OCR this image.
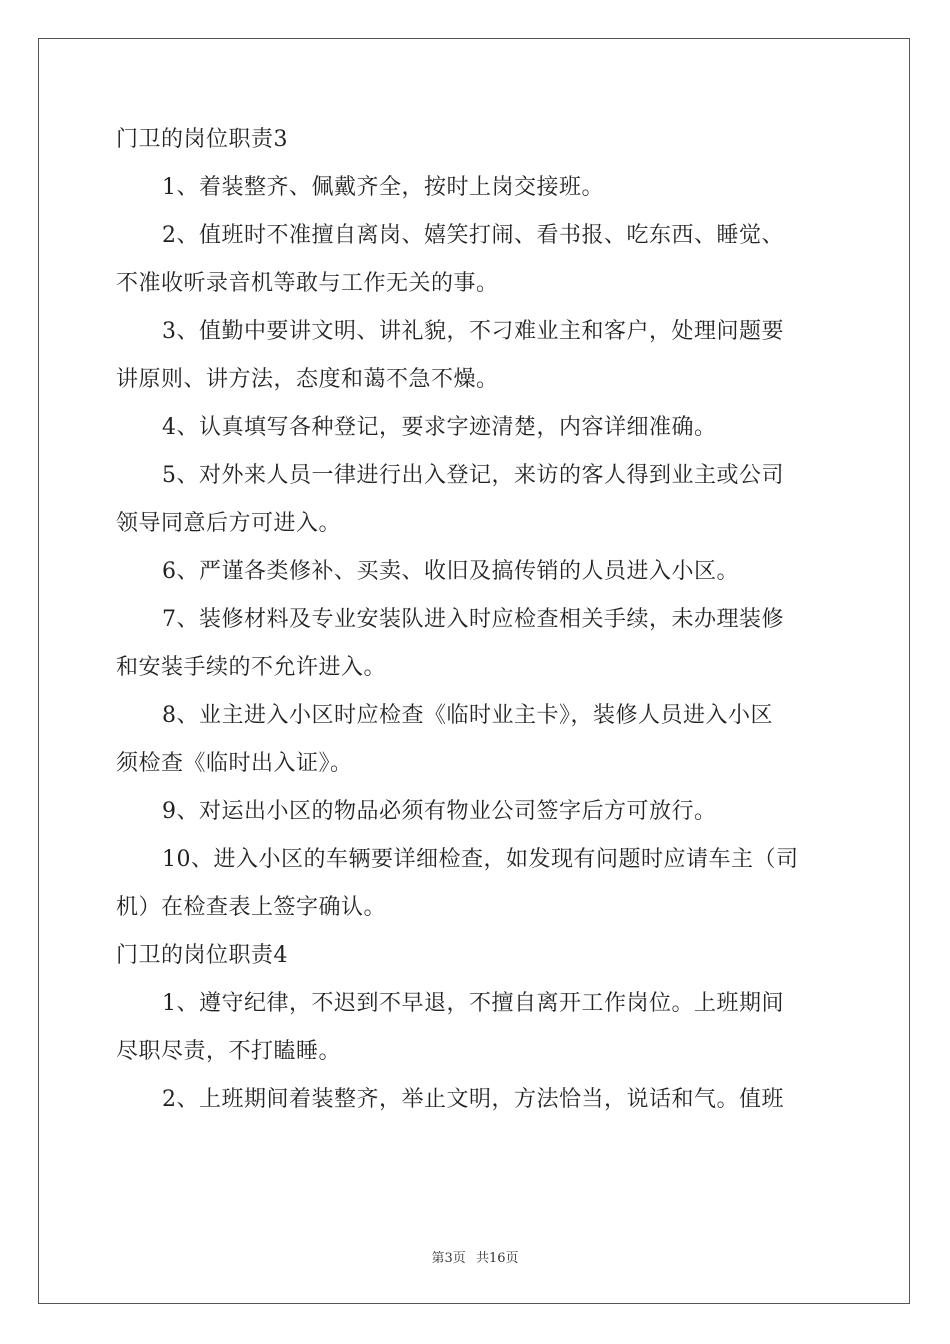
门卫的岗位职责3
1、着装整齐、佩戴齐全，按时上岗交接班。
2、值班时不准擅自离岗、嬉笑打闹、看书报、吃东西、睡觉、
不准收听录音机等敢与工作无关的事。
3、值勤中要讲文明、讲礼貌，不刁难业主和客户，处理问题要
讲原则、讲方法，态度和蔼不急不燥。
4、认真填写各种登记，要求字迹清楚，内容详细准确。
5、对外来人员一律进行出入登记，来访的客人得到业主或公司
领导同意后方可进入。
6、严谨各类修补、买卖、收旧及搞传销的人员进入小区。
7、装修材料及专业安装队进入时应检查相关手续，未办理装修
和安装手续的不允许进入。
8、业主进入小区时应检查《临时业主卡》，装修人员进入小区
须检查《临时出入证》。
9、对运出小区的物品必须有物业公司签字后方可放行。
10、进入小区的车辆要详细检查，如发现有问题时应请车主（司
机）在检查表上签字确认。
门卫的岗位职责4
1、遵守纪律，不迟到不早退，不擅自离开工作岗位。上班期间
尽职尽责，不打瞌睡。
2、上班期间着装整齐，举止文明，方法恰当，说话和气。值班
第3页 共16页
